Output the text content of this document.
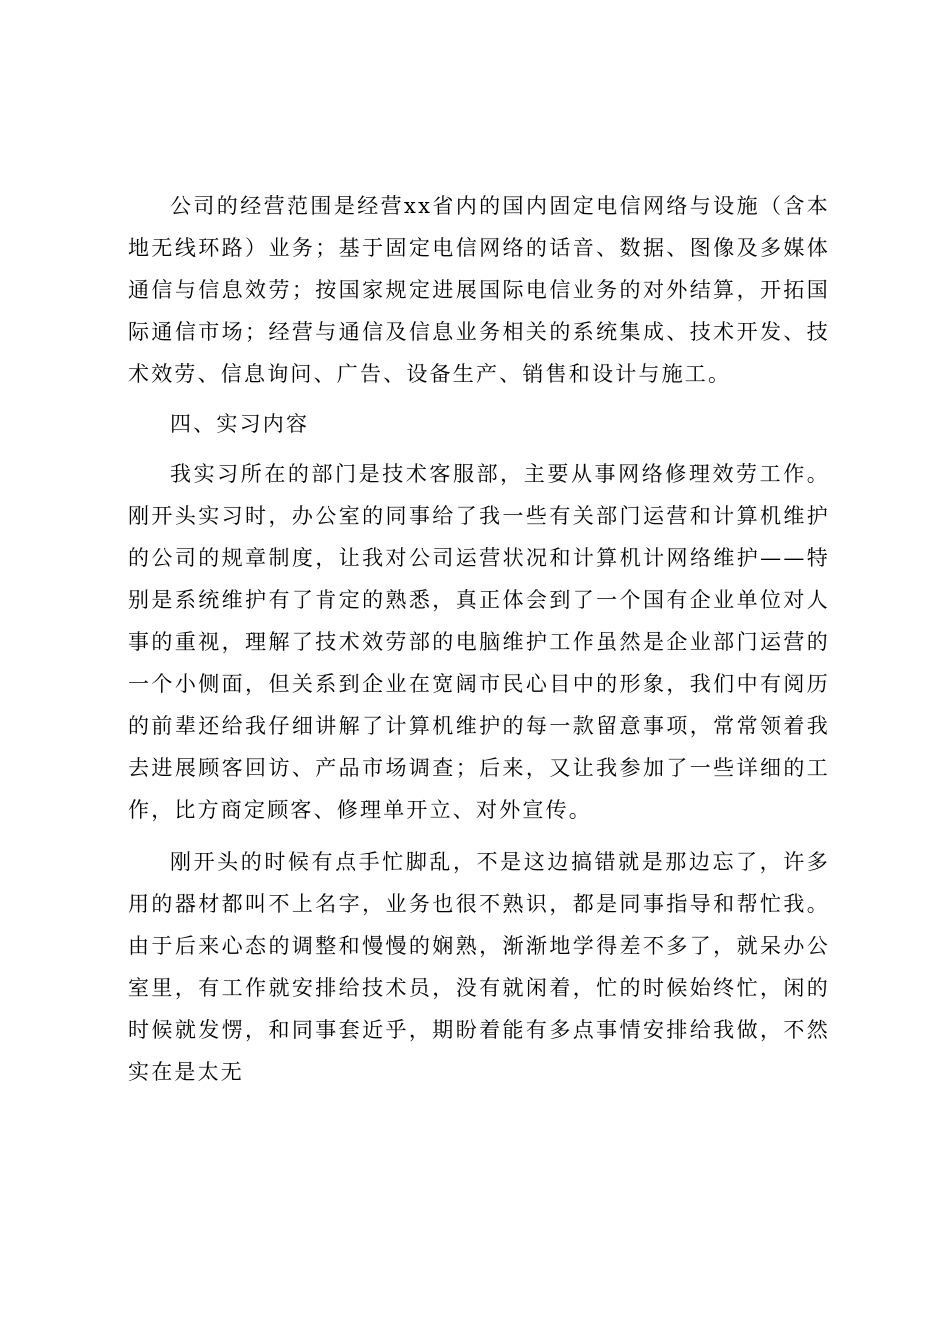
公司的经营范围是经营xx省内的国内固定电信网络与设施（含本地无线环路）业务；基于固定电信网络的话音、数据、图像及多媒体通信与信息效劳；按国家规定进展国际电信业务的对外结算，开拓国际通信市场；经营与通信及信息业务相关的系统集成、技术开发、技术效劳、信息询问、广告、设备生产、销售和设计与施工。

四、实习内容

我实习所在的部门是技术客服部，主要从事网络修理效劳工作。刚开头实习时，办公室的同事给了我一些有关部门运营和计算机维护的公司的规章制度，让我对公司运营状况和计算机计网络维护——特别是系统维护有了肯定的熟悉，真正体会到了一个国有企业单位对人事的重视，理解了技术效劳部的电脑维护工作虽然是企业部门运营的一个小侧面，但关系到企业在宽阔市民心目中的形象，我们中有阅历的前辈还给我仔细讲解了计算机维护的每一款留意事项，常常领着我去进展顾客回访、产品市场调查；后来，又让我参加了一些详细的工作，比方商定顾客、修理单开立、对外宣传。

刚开头的时候有点手忙脚乱，不是这边搞错就是那边忘了，许多用的器材都叫不上名字，业务也很不熟识，都是同事指导和帮忙我。由于后来心态的调整和慢慢的娴熟，渐渐地学得差不多了，就呆办公室里，有工作就安排给技术员，没有就闲着，忙的时候始终忙，闲的时候就发愣，和同事套近乎，期盼着能有多点事情安排给我做，不然实在是太无
